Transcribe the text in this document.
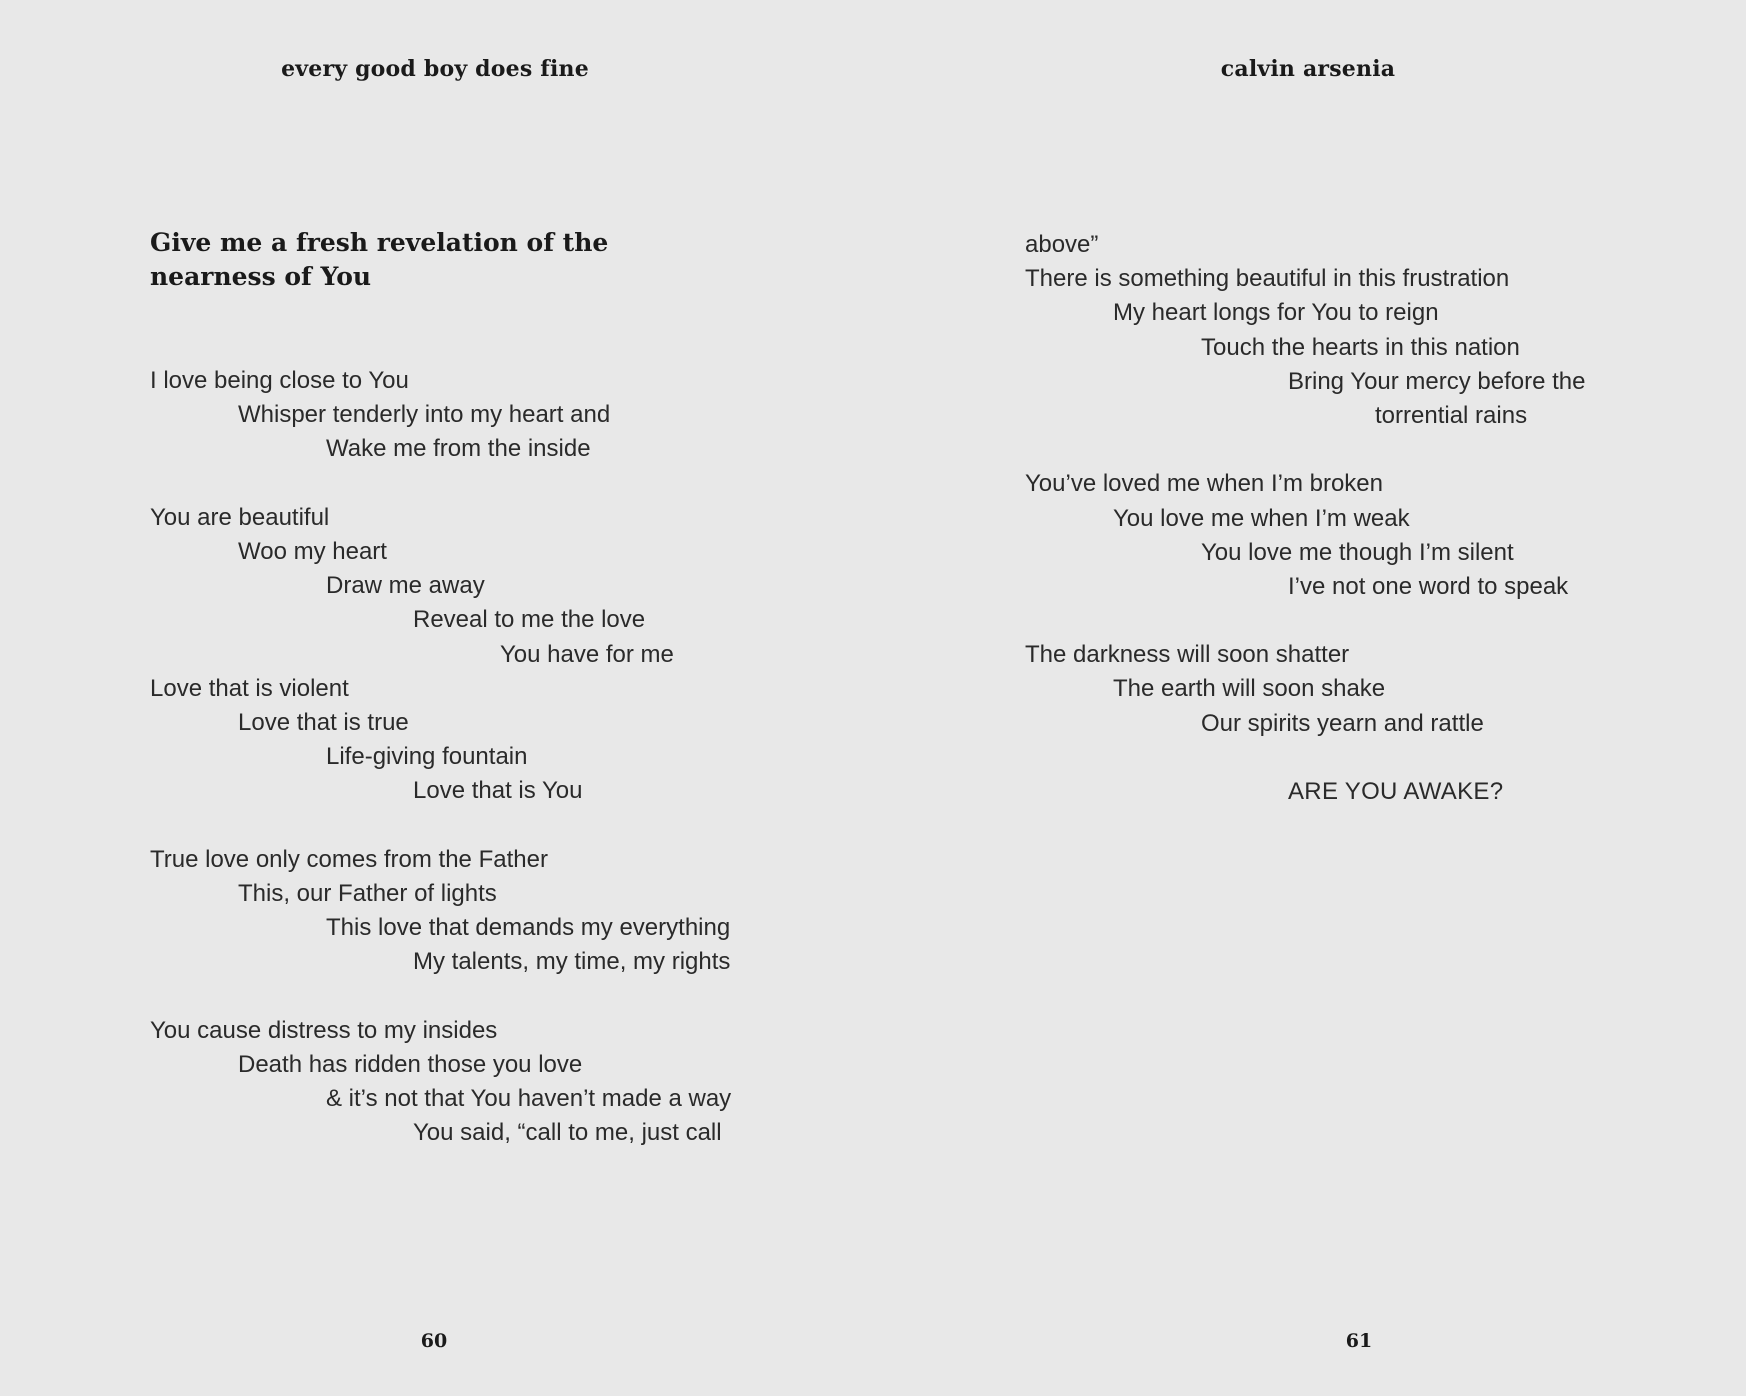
every good boy does fine
Give me a fresh revelation of the nearness of You
I love being close to You
Whisper tenderly into my heart and
Wake me from the inside
You are beautiful
Woo my heart
Draw me away
Reveal to me the love
You have for me
Love that is violent
Love that is true
Life-giving fountain
Love that is You
True love only comes from the Father
This, our Father of lights
This love that demands my everything
My talents, my time, my rights
You cause distress to my insides
Death has ridden those you love
& it’s not that You haven’t made a way
You said, “call to me, just call
60
calvin arsenia
above”
There is something beautiful in this frustration
My heart longs for You to reign
Touch the hearts in this nation
Bring Your mercy before the
torrential rains
You’ve loved me when I’m broken
You love me when I’m weak
You love me though I’m silent
I’ve not one word to speak
The darkness will soon shatter
The earth will soon shake
Our spirits yearn and rattle
ARE YOU AWAKE?
61
